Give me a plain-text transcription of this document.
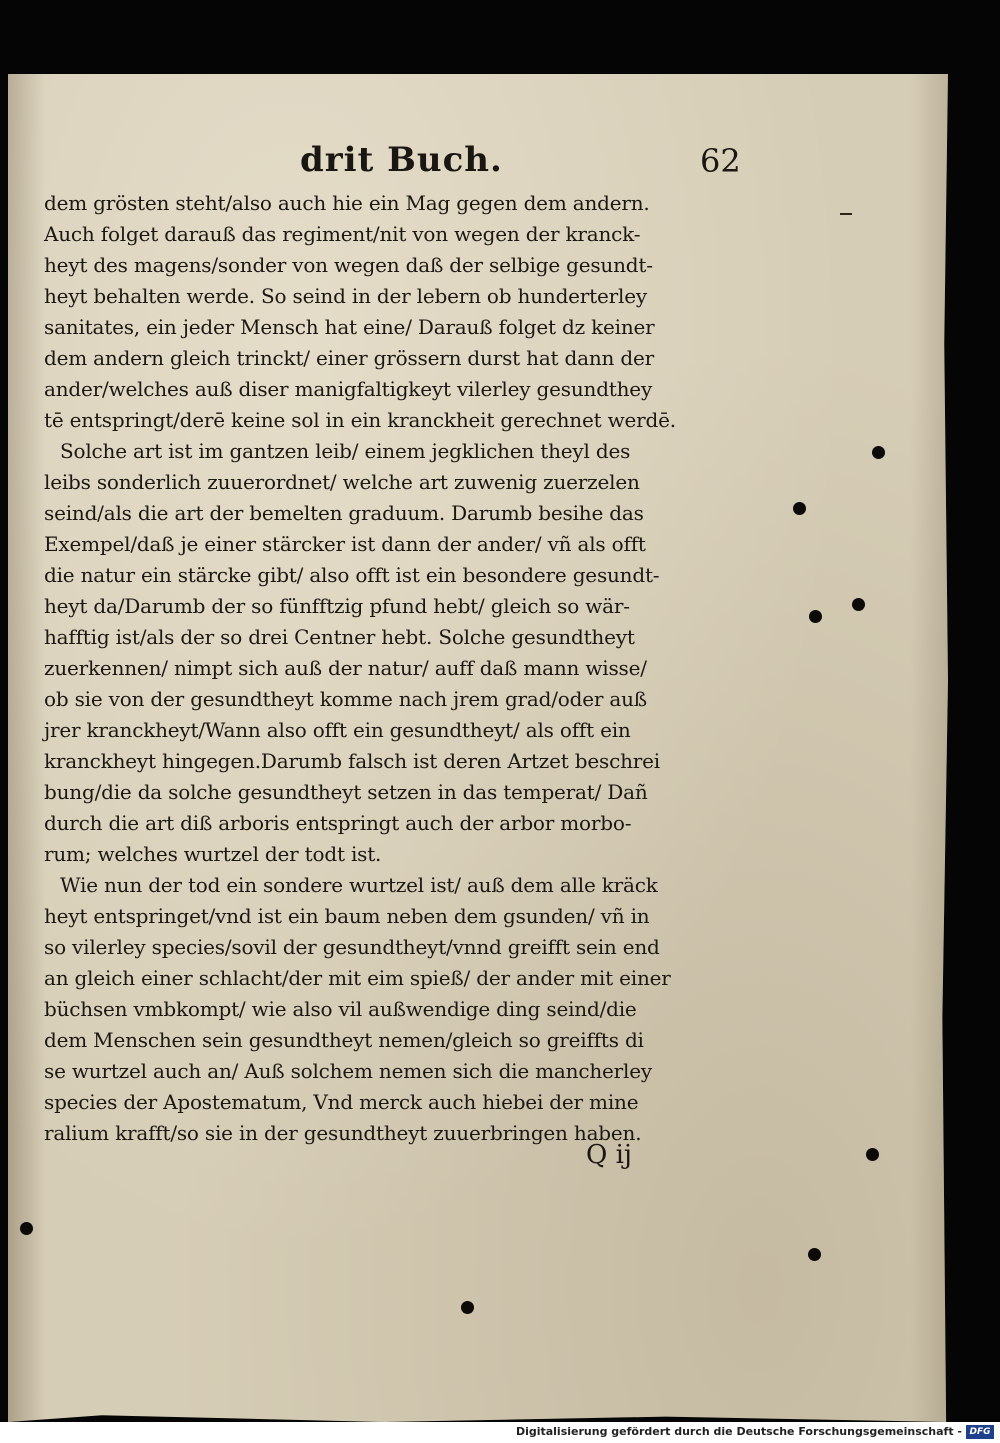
drit Buch.	62
dem grösten steht/also auch hie ein Mag gegen dem andern.
Auch folget darauß das regiment/nit von wegen der kranck-
heyt des magens/sonder von wegen daß der selbige gesundt-
heyt behalten werde. So seind in der lebern ob hunderterley
sanitates, ein jeder Mensch hat eine/ Darauß folget dz keiner
dem andern gleich trinckt/ einer grössern durst hat dann der
ander/welches auß diser manigfaltigkeyt vilerley gesundthey
tē entspringt/derē keine sol in ein kranckheit gerechnet werdē.
Solche art ist im gantzen leib/ einem jegklichen theyl des
leibs sonderlich zuuerordnet/ welche art zuwenig zuerzelen
seind/als die art der bemelten graduum. Darumb besihe das
Exempel/daß je einer stärcker ist dann der ander/ vñ als offt
die natur ein stärcke gibt/ also offt ist ein besondere gesundt-
heyt da/Darumb der so fünfftzig pfund hebt/ gleich so wär-
hafftig ist/als der so drei Centner hebt. Solche gesundtheyt
zuerkennen/ nimpt sich auß der natur/ auff daß mann wisse/
ob sie von der gesundtheyt komme nach jrem grad/oder auß
jrer kranckheyt/Wann also offt ein gesundtheyt/ als offt ein
kranckheyt hingegen.Darumb falsch ist deren Artzet beschrei
bung/die da solche gesundtheyt setzen in das temperat/ Dañ
durch die art diß arboris entspringt auch der arbor morbo-
rum; welches wurtzel der todt ist.
Wie nun der tod ein sondere wurtzel ist/ auß dem alle kräck
heyt entspringet/vnd ist ein baum neben dem gsunden/ vñ in
so vilerley species/sovil der gesundtheyt/vnnd greifft sein end
an gleich einer schlacht/der mit eim spieß/ der ander mit einer
büchsen vmbkompt/ wie also vil außwendige ding seind/die
dem Menschen sein gesundtheyt nemen/gleich so greiffts di
se wurtzel auch an/ Auß solchem nemen sich die mancherley
species der Apostematum, Vnd merck auch hiebei der mine
ralium krafft/so sie in der gesundtheyt zuuerbringen haben.
Q ij
Digitalisierung gefördert durch die Deutsche Forschungsgemeinschaft - DFG
